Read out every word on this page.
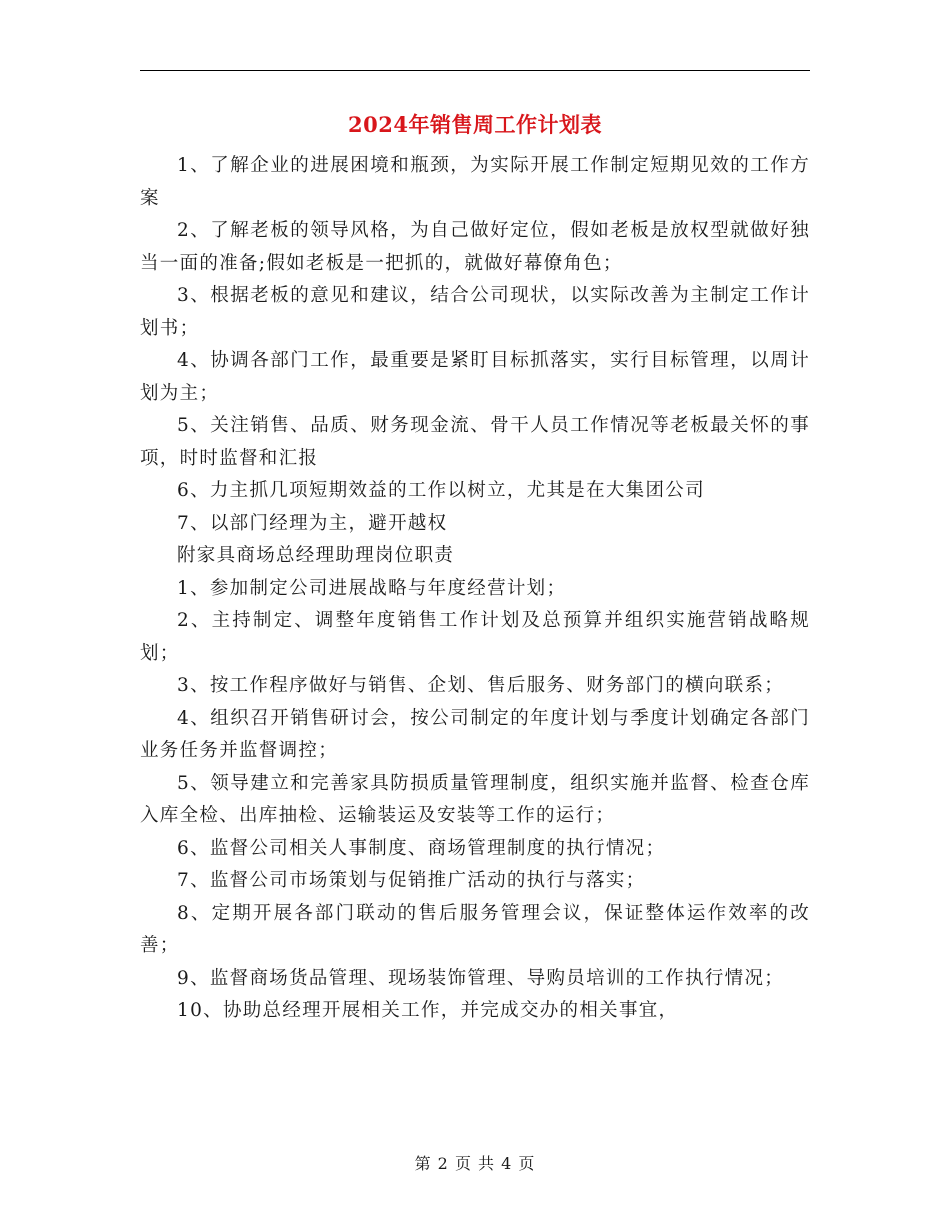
2024年销售周工作计划表

1、了解企业的进展困境和瓶颈，为实际开展工作制定短期见效的工作方案

2、了解老板的领导风格，为自己做好定位，假如老板是放权型就做好独当一面的准备;假如老板是一把抓的，就做好幕僚角色；

3、根据老板的意见和建议，结合公司现状，以实际改善为主制定工作计划书；

4、协调各部门工作，最重要是紧盯目标抓落实，实行目标管理，以周计划为主；

5、关注销售、品质、财务现金流、骨干人员工作情况等老板最关怀的事项，时时监督和汇报

6、力主抓几项短期效益的工作以树立，尤其是在大集团公司

7、以部门经理为主，避开越权

附家具商场总经理助理岗位职责

1、参加制定公司进展战略与年度经营计划；

2、主持制定、调整年度销售工作计划及总预算并组织实施营销战略规划；

3、按工作程序做好与销售、企划、售后服务、财务部门的横向联系；

4、组织召开销售研讨会，按公司制定的年度计划与季度计划确定各部门业务任务并监督调控；

5、领导建立和完善家具防损质量管理制度，组织实施并监督、检查仓库入库全检、出库抽检、运输装运及安装等工作的运行；

6、监督公司相关人事制度、商场管理制度的执行情况；

7、监督公司市场策划与促销推广活动的执行与落实；

8、定期开展各部门联动的售后服务管理会议，保证整体运作效率的改善；

9、监督商场货品管理、现场装饰管理、导购员培训的工作执行情况；

10、协助总经理开展相关工作，并完成交办的相关事宜，

第 2 页 共 4 页
